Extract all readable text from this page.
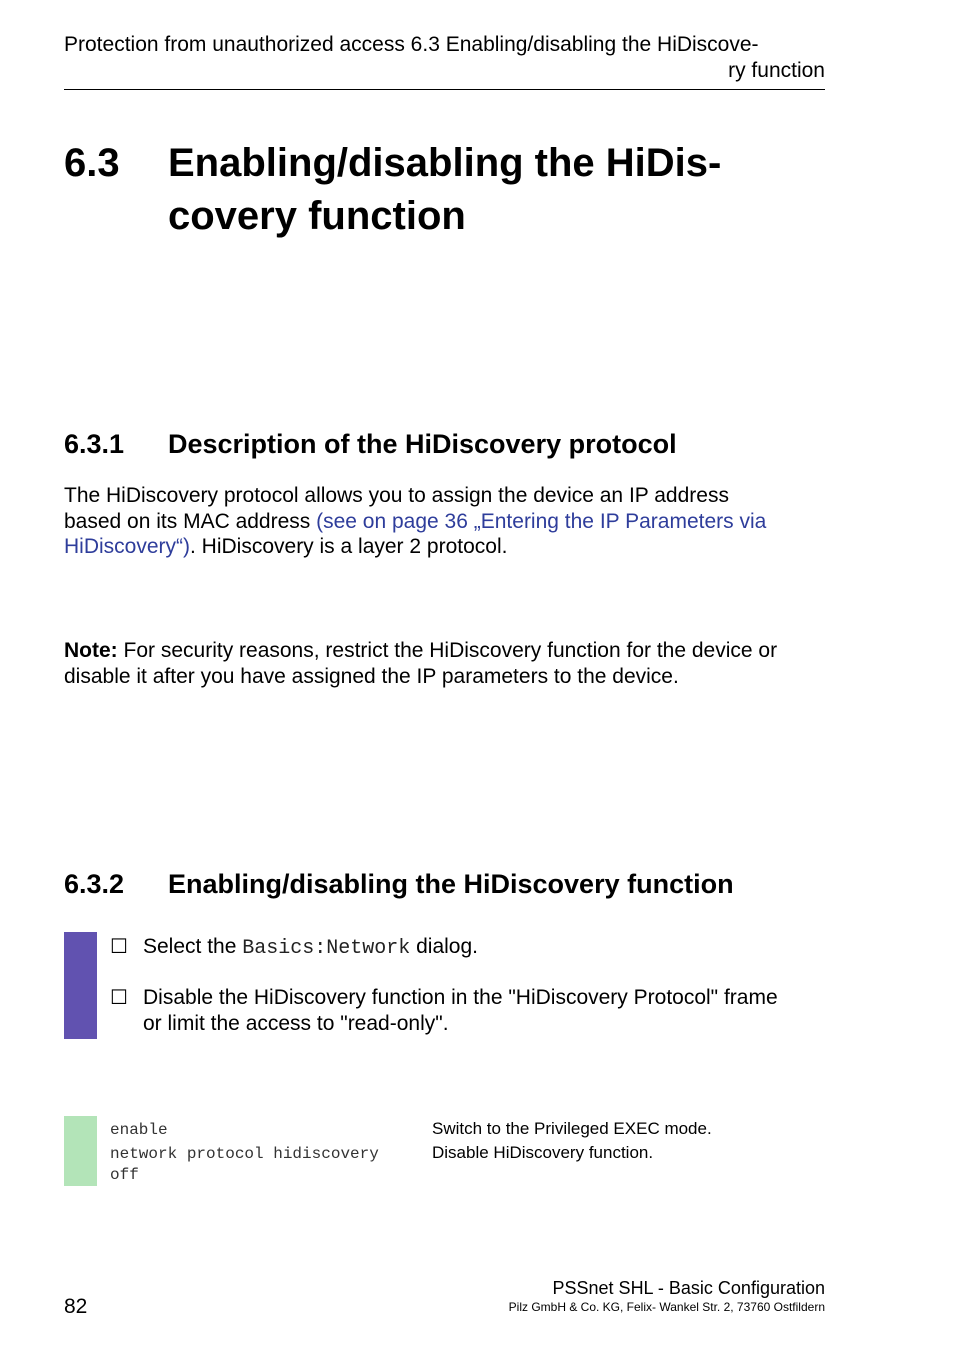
Protection from unauthorized access 6.3 Enabling/disabling the HiDiscove-
ry function
6.3 Enabling/disabling the HiDis-
covery function
6.3.1 Description of the HiDiscovery protocol
The HiDiscovery protocol allows you to assign the device an IP address
based on its MAC address (see on page 36 „Entering the IP Parameters via
HiDiscovery“). HiDiscovery is a layer 2 protocol.
Note: For security reasons, restrict the HiDiscovery function for the device or
disable it after you have assigned the IP parameters to the device.
6.3.2 Enabling/disabling the HiDiscovery function
☐ Select the Basics:Network dialog.
☐ Disable the HiDiscovery function in the "HiDiscovery Protocol" frame
or limit the access to "read-only".
enable	Switch to the Privileged EXEC mode.
network protocol hidiscovery
off
Disable HiDiscovery function.
PSSnet SHL - Basic Configuration
Pilz GmbH & Co. KG, Felix- Wankel Str. 2, 73760 Ostfildern
82
